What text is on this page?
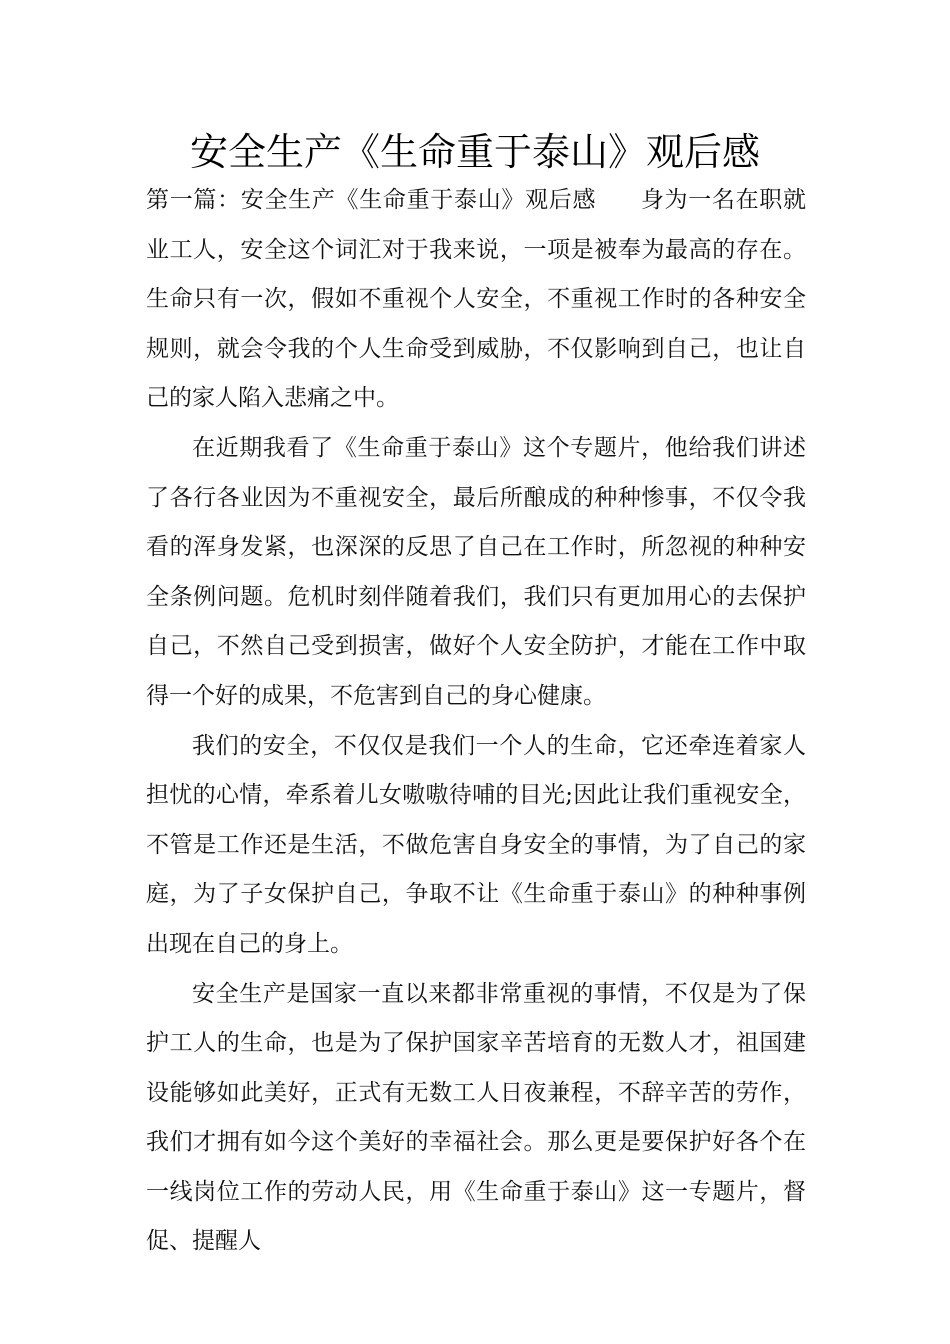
安全生产《生命重于泰山》观后感

第一篇：安全生产《生命重于泰山》观后感 身为一名在职就业工人，安全这个词汇对于我来说，一项是被奉为最高的存在。生命只有一次，假如不重视个人安全，不重视工作时的各种安全规则，就会令我的个人生命受到威胁，不仅影响到自己，也让自己的家人陷入悲痛之中。

在近期我看了《生命重于泰山》这个专题片，他给我们讲述了各行各业因为不重视安全，最后所酿成的种种惨事，不仅令我看的浑身发紧，也深深的反思了自己在工作时，所忽视的种种安全条例问题。危机时刻伴随着我们，我们只有更加用心的去保护自己，不然自己受到损害，做好个人安全防护，才能在工作中取得一个好的成果，不危害到自己的身心健康。

我们的安全，不仅仅是我们一个人的生命，它还牵连着家人担忧的心情，牵系着儿女嗷嗷待哺的目光;因此让我们重视安全，不管是工作还是生活，不做危害自身安全的事情，为了自己的家庭，为了子女保护自己，争取不让《生命重于泰山》的种种事例出现在自己的身上。

安全生产是国家一直以来都非常重视的事情，不仅是为了保护工人的生命，也是为了保护国家辛苦培育的无数人才，祖国建设能够如此美好，正式有无数工人日夜兼程，不辞辛苦的劳作，我们才拥有如今这个美好的幸福社会。那么更是要保护好各个在一线岗位工作的劳动人民，用《生命重于泰山》这一专题片，督促、提醒人
